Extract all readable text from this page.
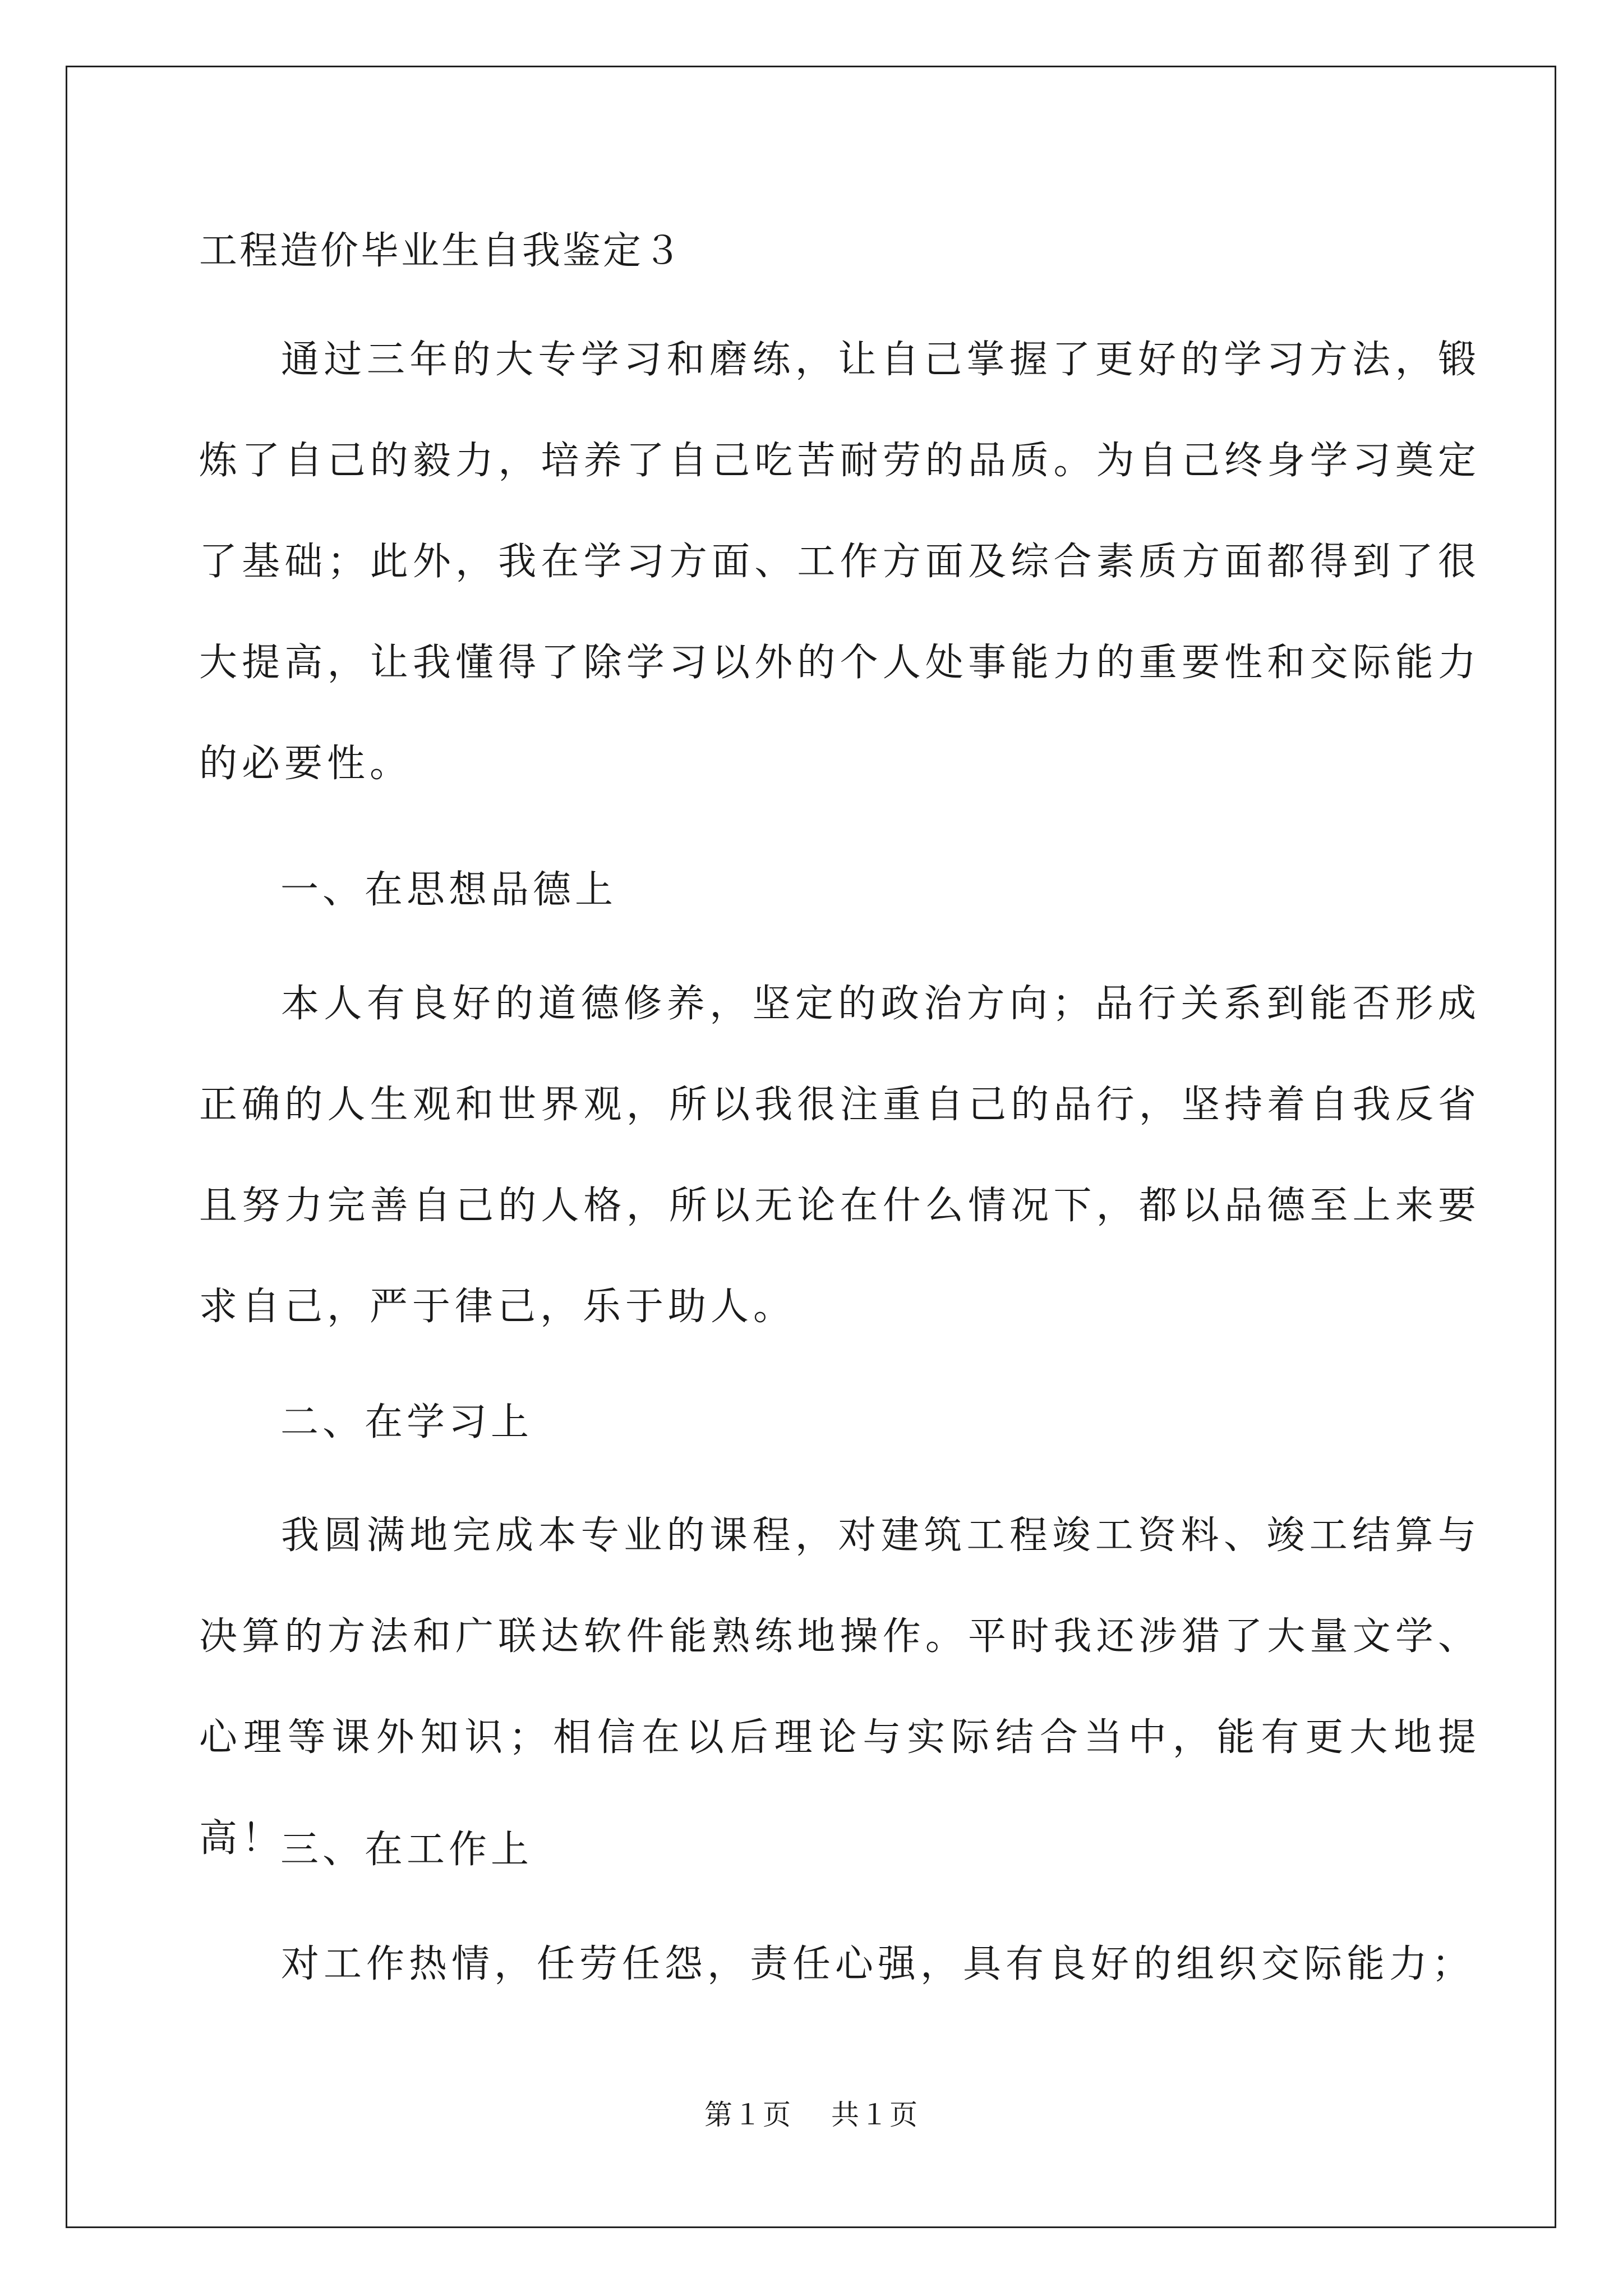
工程造价毕业生自我鉴定３

通过三年的大专学习和磨练，让自己掌握了更好的学习方法，锻炼了自己的毅力，培养了自己吃苦耐劳的品质。为自己终身学习奠定了基础；此外，我在学习方面、工作方面及综合素质方面都得到了很大提高，让我懂得了除学习以外的个人处事能力的重要性和交际能力的必要性。

一、在思想品德上

本人有良好的道德修养，坚定的政治方向；品行关系到能否形成正确的人生观和世界观，所以我很注重自己的品行，坚持着自我反省且努力完善自己的人格，所以无论在什么情况下，都以品德至上来要求自己，严于律己，乐于助人。

二、在学习上

我圆满地完成本专业的课程，对建筑工程竣工资料、竣工结算与决算的方法和广联达软件能熟练地操作。平时我还涉猎了大量文学、心理等课外知识；相信在以后理论与实际结合当中，能有更大地提高！

三、在工作上

对工作热情，任劳任怨，责任心强，具有良好的组织交际能力；

第１页　 共１页
